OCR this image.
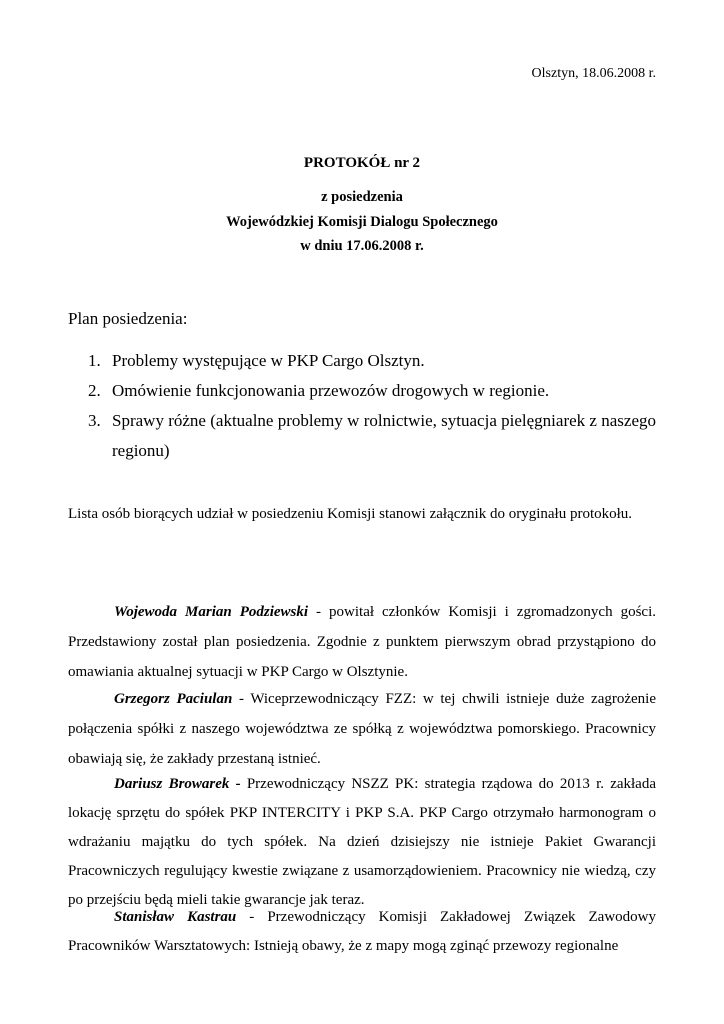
Olsztyn, 18.06.2008 r.
PROTOKÓŁ nr 2
z posiedzenia
Wojewódzkiej Komisji Dialogu Społecznego
w dniu 17.06.2008 r.
Plan posiedzenia:
1. Problemy występujące w PKP Cargo Olsztyn.
2. Omówienie funkcjonowania przewozów drogowych w regionie.
3. Sprawy różne (aktualne problemy w rolnictwie, sytuacja pielęgniarek z naszego regionu)
Lista osób biorących udział w posiedzeniu Komisji stanowi załącznik do oryginału protokołu.
Wojewoda Marian Podziewski - powitał członków Komisji i zgromadzonych gości. Przedstawiony został plan posiedzenia. Zgodnie z punktem pierwszym obrad przystąpiono do omawiania aktualnej sytuacji w PKP Cargo w Olsztynie.
Grzegorz Paciulan - Wiceprzewodniczący FZZ: w tej chwili istnieje duże zagrożenie połączenia spółki z naszego województwa ze spółką z województwa pomorskiego. Pracownicy obawiają się, że zakłady przestaną istnieć.
Dariusz Browarek - Przewodniczący NSZZ PK: strategia rządowa do 2013 r. zakłada lokację sprzętu do spółek PKP INTERCITY i PKP S.A. PKP Cargo otrzymało harmonogram o wdrażaniu majątku do tych spółek. Na dzień dzisiejszy nie istnieje Pakiet Gwarancji Pracowniczych regulujący kwestie związane z usamorządowieniem. Pracownicy nie wiedzą, czy po przejściu będą mieli takie gwarancje jak teraz.
Stanisław Kastrau - Przewodniczący Komisji Zakładowej Związek Zawodowy Pracowników Warsztatowych: Istnieją obawy, że z mapy mogą zginąć przewozy regionalne
